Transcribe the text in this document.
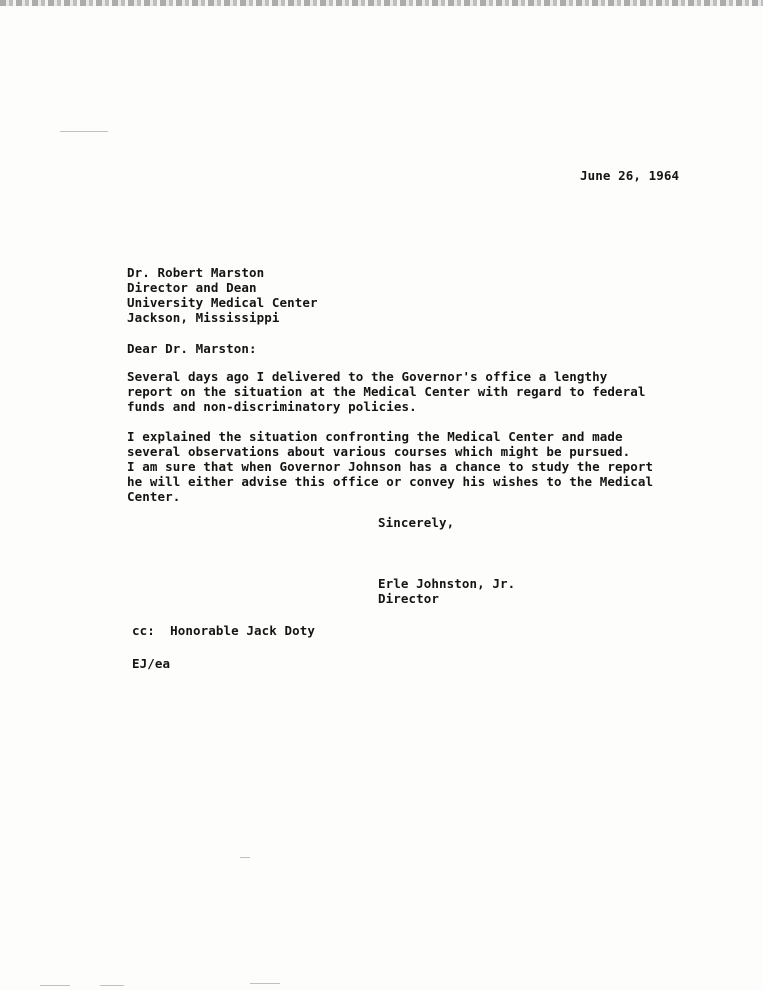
June 26, 1964
Dr. Robert Marston
Director and Dean
University Medical Center
Jackson, Mississippi
Dear Dr. Marston:
Several days ago I delivered to the Governor's office a lengthy
report on the situation at the Medical Center with regard to federal
funds and non-discriminatory policies.
I explained the situation confronting the Medical Center and made
several observations about various courses which might be pursued.
I am sure that when Governor Johnson has a chance to study the report
he will either advise this office or convey his wishes to the Medical
Center.
Sincerely,
Erle Johnston, Jr.
Director
cc:  Honorable Jack Doty
EJ/ea
